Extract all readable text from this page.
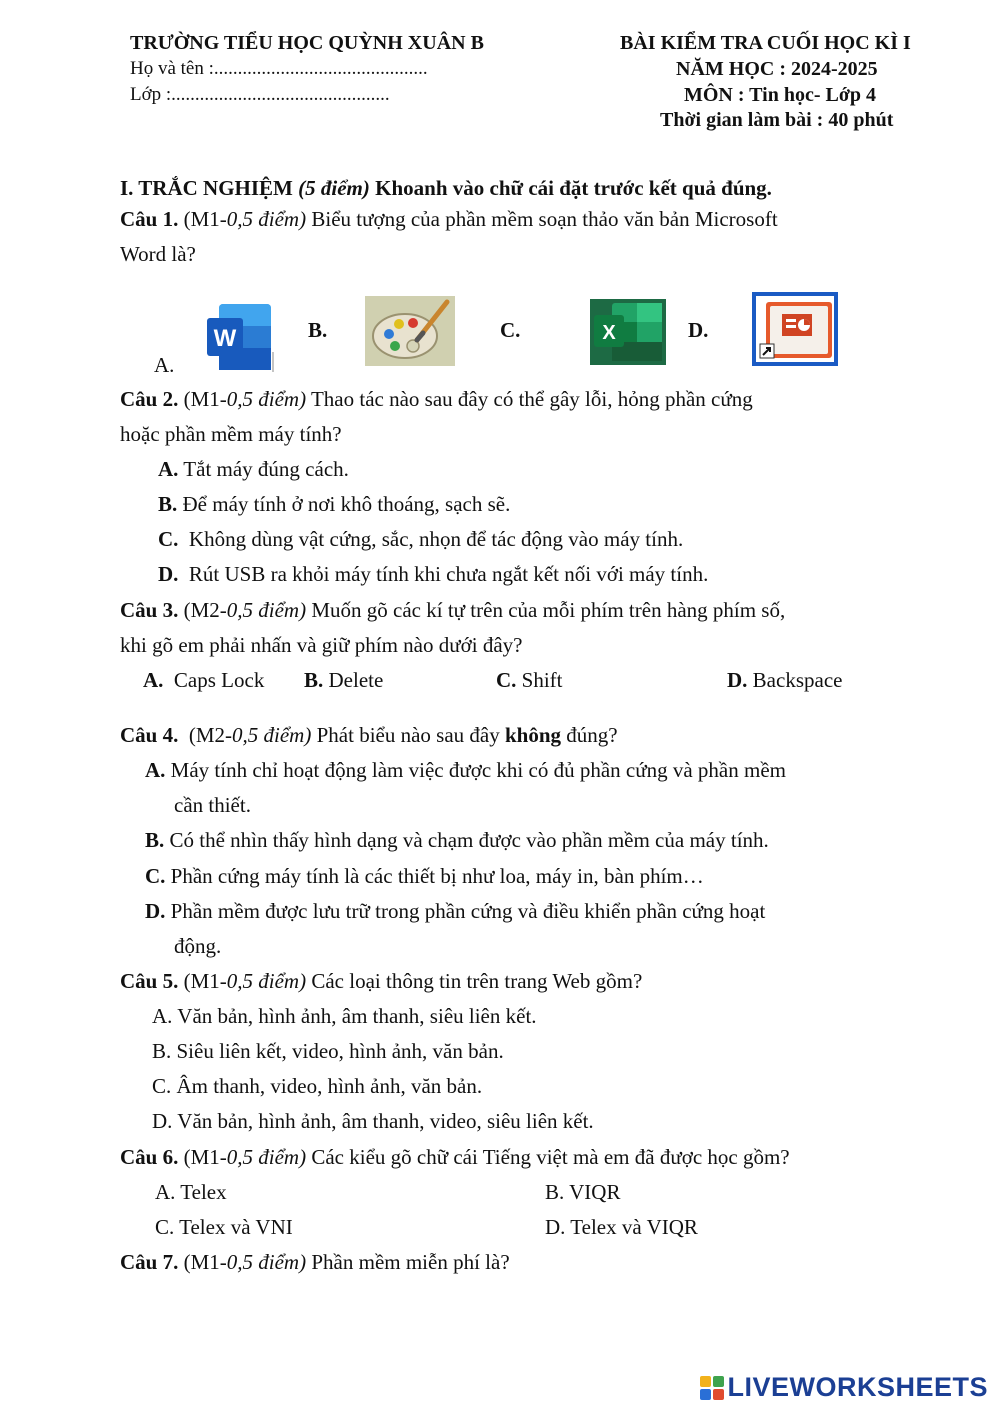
TRƯỜNG TIỂU HỌC QUỲNH XUÂN B
Họ và tên :.............................................
Lớp :..............................................
BÀI KIỂM TRA CUỐI HỌC KÌ I
NĂM HỌC : 2024-2025
MÔN : Tin học- Lớp 4
Thời gian làm bài : 40 phút
I. TRẮC NGHIỆM (5 điểm) Khoanh vào chữ cái đặt trước kết quả đúng.
Câu 1. (M1-0,5 điểm) Biểu tượng của phần mềm soạn thảo văn bản Microsoft
Word là?
A.
B.	C.	D.
W	X
Câu 2. (M1-0,5 điểm) Thao tác nào sau đây có thể gây lỗi, hỏng phần cứng
hoặc phần mềm máy tính?
A. Tắt máy đúng cách.
B. Để máy tính ở nơi khô thoáng, sạch sẽ.
C. Không dùng vật cứng, sắc, nhọn để tác động vào máy tính.
D. Rút USB ra khỏi máy tính khi chưa ngắt kết nối với máy tính.
Câu 3. (M2-0,5 điểm) Muốn gõ các kí tự trên của mỗi phím trên hàng phím số,
khi gõ em phải nhấn và giữ phím nào dưới đây?
A. Caps Lock B. Delete	C. Shift	D. Backspace
Câu 4. (M2-0,5 điểm) Phát biểu nào sau đây không đúng?
A. Máy tính chỉ hoạt động làm việc được khi có đủ phần cứng và phần mềm
cần thiết.
B. Có thể nhìn thấy hình dạng và chạm được vào phần mềm của máy tính.
C. Phần cứng máy tính là các thiết bị như loa, máy in, bàn phím…
D. Phần mềm được lưu trữ trong phần cứng và điều khiển phần cứng hoạt
động.
Câu 5. (M1-0,5 điểm) Các loại thông tin trên trang Web gồm?
A. Văn bản, hình ảnh, âm thanh, siêu liên kết.
B. Siêu liên kết, video, hình ảnh, văn bản.
C. Âm thanh, video, hình ảnh, văn bản.
D. Văn bản, hình ảnh, âm thanh, video, siêu liên kết.
Câu 6. (M1-0,5 điểm) Các kiểu gõ chữ cái Tiếng việt mà em đã được học gồm?
A. Telex	B. VIQR
C. Telex và VNI	D. Telex và VIQR
Câu 7. (M1-0,5 điểm) Phần mềm miễn phí là?
LIVEWORKSHEETS
